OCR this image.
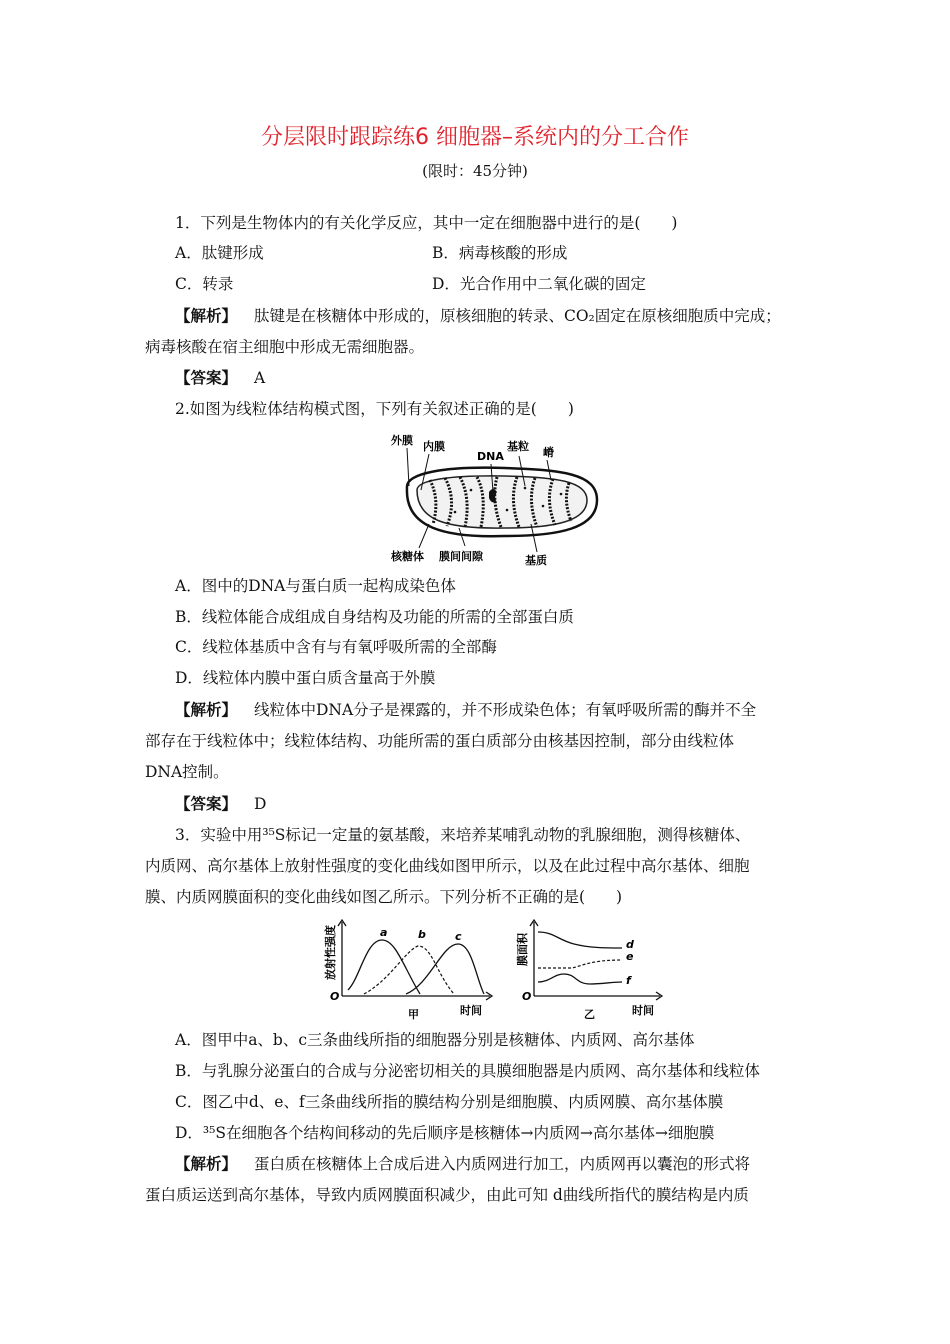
分层限时跟踪练6 细胞器–系统内的分工合作
(限时：45分钟)
1．下列是生物体内的有关化学反应，其中一定在细胞器中进行的是(　　)
A．肽键形成	B．病毒核酸的形成
C．转录	D．光合作用中二氧化碳的固定
【解析】 肽键是在核糖体中形成的，原核细胞的转录、CO₂固定在原核细胞质中完成；
病毒核酸在宿主细胞中形成无需细胞器。
【答案】 A
2.如图为线粒体结构模式图，下列有关叙述正确的是(　　)
外膜 内膜
DNA
基粒 嵴
核糖体 膜间间隙	基质
A．图中的DNA与蛋白质一起构成染色体
B．线粒体能合成组成自身结构及功能的所需的全部蛋白质
C．线粒体基质中含有与有氧呼吸所需的全部酶
D．线粒体内膜中蛋白质含量高于外膜
【解析】 线粒体中DNA分子是裸露的，并不形成染色体；有氧呼吸所需的酶并不全
部存在于线粒体中；线粒体结构、功能所需的蛋白质部分由核基因控制，部分由线粒体
DNA控制。
【答案】 D
3．实验中用³⁵S标记一定量的氨基酸，来培养某哺乳动物的乳腺细胞，测得核糖体、
内质网、高尔基体上放射性强度的变化曲线如图甲所示，以及在此过程中高尔基体、细胞
膜、内质网膜面积的变化曲线如图乙所示。下列分析不正确的是(　　)
a	b	c
O
时间
甲
放射性强度	d
e
f
O
时间
乙
膜面积
A．图甲中a、b、c三条曲线所指的细胞器分别是核糖体、内质网、高尔基体
B．与乳腺分泌蛋白的合成与分泌密切相关的具膜细胞器是内质网、高尔基体和线粒体
C．图乙中d、e、f三条曲线所指的膜结构分别是细胞膜、内质网膜、高尔基体膜
D．³⁵S在细胞各个结构间移动的先后顺序是核糖体→内质网→高尔基体→细胞膜
【解析】 蛋白质在核糖体上合成后进入内质网进行加工，内质网再以囊泡的形式将
蛋白质运送到高尔基体，导致内质网膜面积减少，由此可知 d曲线所指代的膜结构是内质
